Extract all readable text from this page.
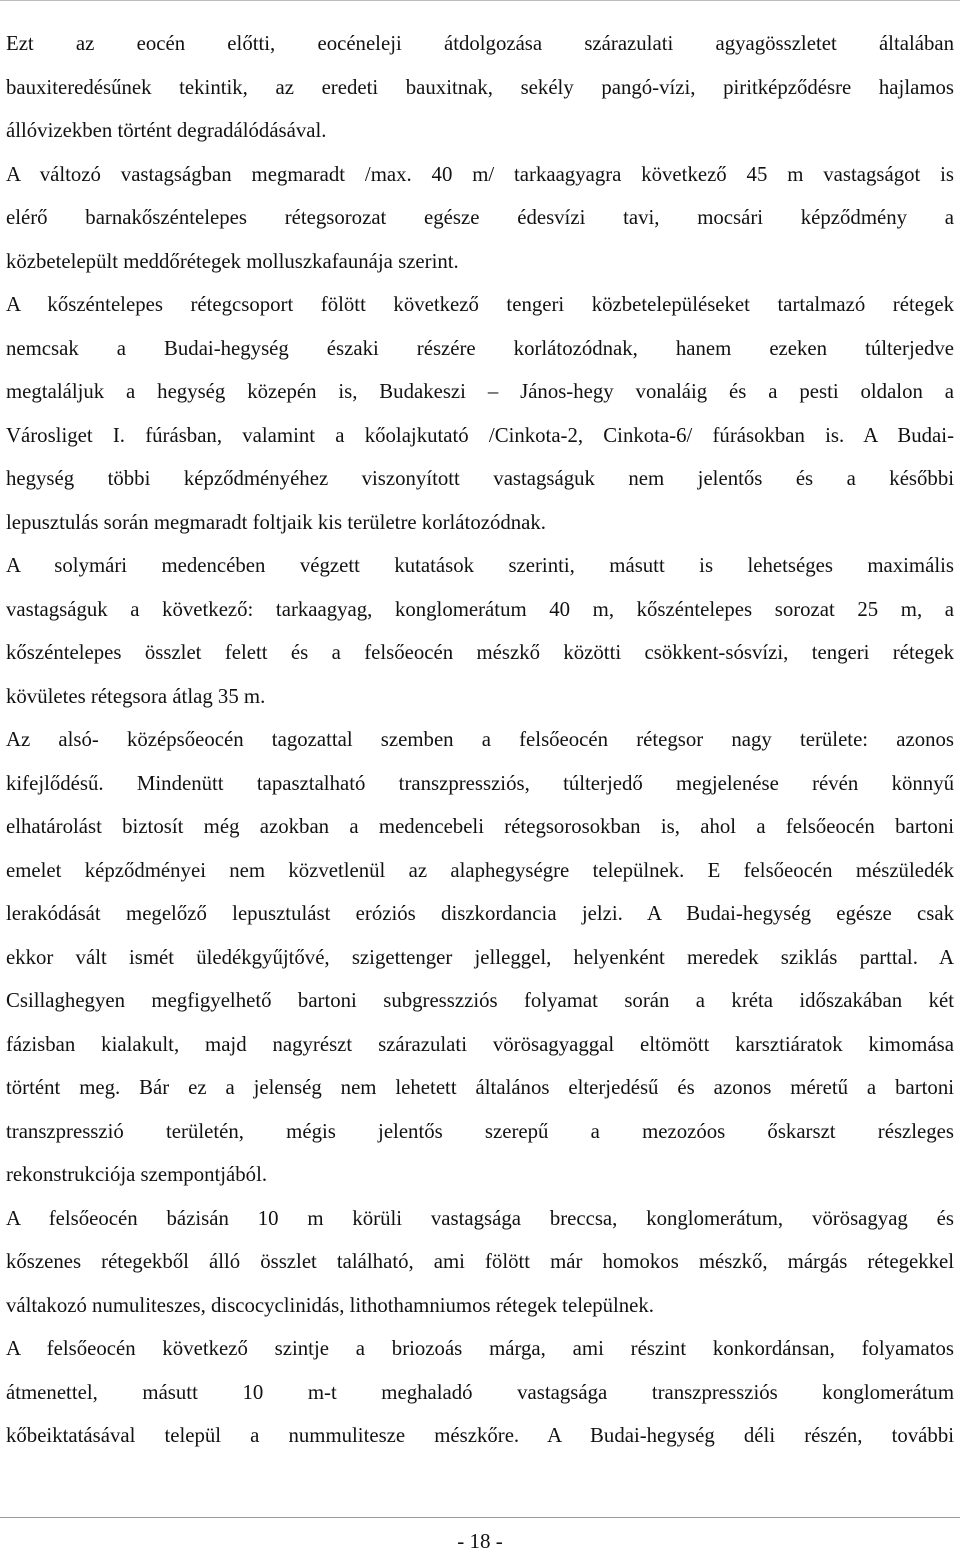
Ezt az eocén előtti, eocéneleji átdolgozása szárazulati agyagösszletet általában
bauxiteredésűnek tekintik, az eredeti bauxitnak, sekély pangó-vízi, piritképződésre hajlamos
állóvizekben történt degradálódásával.
A változó vastagságban megmaradt /max. 40 m/ tarkaagyagra következő 45 m vastagságot is
elérő barnakőszéntelepes rétegsorozat egésze édesvízi tavi, mocsári képződmény a
közbetelepült meddőrétegek molluszkafaunája szerint.
A kőszéntelepes rétegcsoport fölött következő tengeri közbetelepüléseket tartalmazó rétegek
nemcsak a Budai-hegység északi részére korlátozódnak, hanem ezeken túlterjedve
megtaláljuk a hegység közepén is, Budakeszi – János-hegy vonaláig és a pesti oldalon a
Városliget I. fúrásban, valamint a kőolajkutató /Cinkota-2, Cinkota-6/ fúrásokban is. A Budai-
hegység többi képződményéhez viszonyított vastagságuk nem jelentős és a későbbi
lepusztulás során megmaradt foltjaik kis területre korlátozódnak.
A solymári medencében végzett kutatások szerinti, másutt is lehetséges maximális
vastagságuk a következő: tarkaagyag, konglomerátum 40 m, kőszéntelepes sorozat 25 m, a
kőszéntelepes összlet felett és a felsőeocén mészkő közötti csökkent-sósvízi, tengeri rétegek
kövületes rétegsora átlag 35 m.
Az alsó- középsőeocén tagozattal szemben a felsőeocén rétegsor nagy területe: azonos
kifejlődésű. Mindenütt tapasztalható transzpressziós, túlterjedő megjelenése révén könnyű
elhatárolást biztosít még azokban a medencebeli rétegsorosokban is, ahol a felsőeocén bartoni
emelet képződményei nem közvetlenül az alaphegységre települnek. E felsőeocén mészüledék
lerakódását megelőző lepusztulást eróziós diszkordancia jelzi. A Budai-hegység egésze csak
ekkor vált ismét üledékgyűjtővé, szigettenger jelleggel, helyenként meredek sziklás parttal. A
Csillaghegyen megfigyelhető bartoni subgresszziós folyamat során a kréta időszakában két
fázisban kialakult, majd nagyrészt szárazulati vörösagyaggal eltömött karsztiáratok kimomása
történt meg. Bár ez a jelenség nem lehetett általános elterjedésű és azonos méretű a bartoni
transzpresszió területén, mégis jelentős szerepű a mezozóos őskarszt részleges
rekonstrukciója szempontjából.
A felsőeocén bázisán 10 m körüli vastagsága breccsa, konglomerátum, vörösagyag és
kőszenes rétegekből álló összlet található, ami fölött már homokos mészkő, márgás rétegekkel
váltakozó numuliteszes, discocyclinidás, lithothamniumos rétegek települnek.
A felsőeocén következő szintje a briozoás márga, ami részint konkordánsan, folyamatos
átmenettel, másutt 10 m-t meghaladó vastagsága transzpressziós konglomerátum
kőbeiktatásával települ a nummulitesze mészkőre. A Budai-hegység déli részén, további
- 18 -
